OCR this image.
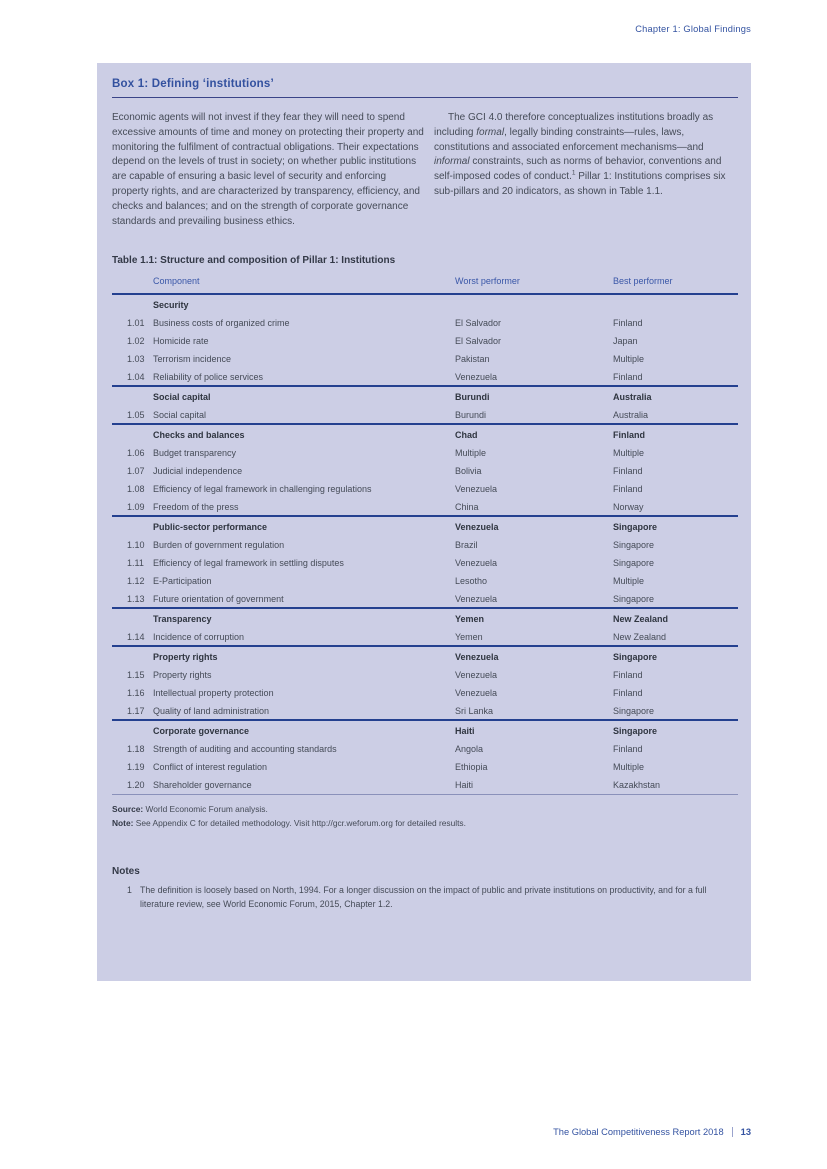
Chapter 1: Global Findings
Box 1: Defining ‘institutions’

Economic agents will not invest if they fear they will need to spend excessive amounts of time and money on protecting their property and monitoring the fulfilment of contractual obligations. Their expectations depend on the levels of trust in society; on whether public institutions are capable of ensuring a basic level of security and enforcing property rights, and are characterized by transparency, efficiency, and checks and balances; and on the strength of corporate governance standards and prevailing business ethics.

The GCI 4.0 therefore conceptualizes institutions broadly as including formal, legally binding constraints—rules, laws, constitutions and associated enforcement mechanisms—and informal constraints, such as norms of behavior, conventions and self-imposed codes of conduct.$^1$ Pillar 1: Institutions comprises six sub-pillars and 20 indicators, as shown in Table 1.1.

Table 1.1: Structure and composition of Pillar 1: Institutions
Component		Worst performer	Best performer
Security			
1.01	Business costs of organized crime	El Salvador	Finland
1.02	Homicide rate	El Salvador	Japan
1.03	Terrorism incidence	Pakistan	Multiple
1.04	Reliability of police services	Venezuela	Finland
Social capital		Burundi	Australia
1.05	Social capital	Burundi	Australia
Checks and balances		Chad	Finland
1.06	Budget transparency	Multiple	Multiple
1.07	Judicial independence	Bolivia	Finland
1.08	Efficiency of legal framework in challenging regulations	Venezuela	Finland
1.09	Freedom of the press	China	Norway
Public-sector performance		Venezuela	Singapore
1.10	Burden of government regulation	Brazil	Singapore
1.11	Efficiency of legal framework in settling disputes	Venezuela	Singapore
1.12	E-Participation	Lesotho	Multiple
1.13	Future orientation of government	Venezuela	Singapore
Transparency		Yemen	New Zealand
1.14	Incidence of corruption	Yemen	New Zealand
Property rights		Venezuela	Singapore
1.15	Property rights	Venezuela	Finland
1.16	Intellectual property protection	Venezuela	Finland
1.17	Quality of land administration	Sri Lanka	Singapore
Corporate governance		Haiti	Singapore
1.18	Strength of auditing and accounting standards	Angola	Finland
1.19	Conflict of interest regulation	Ethiopia	Multiple
1.20	Shareholder governance	Haiti	Kazakhstan
Source: World Economic Forum analysis.
Note: See Appendix C for detailed methodology. Visit http://gcr.weforum.org for detailed results.
Notes
1 The definition is loosely based on North, 1994. For a longer discussion on the impact of public and private institutions on productivity, and for a full literature review, see World Economic Forum, 2015, Chapter 1.2.
The Global Competitiveness Report 2018 13
